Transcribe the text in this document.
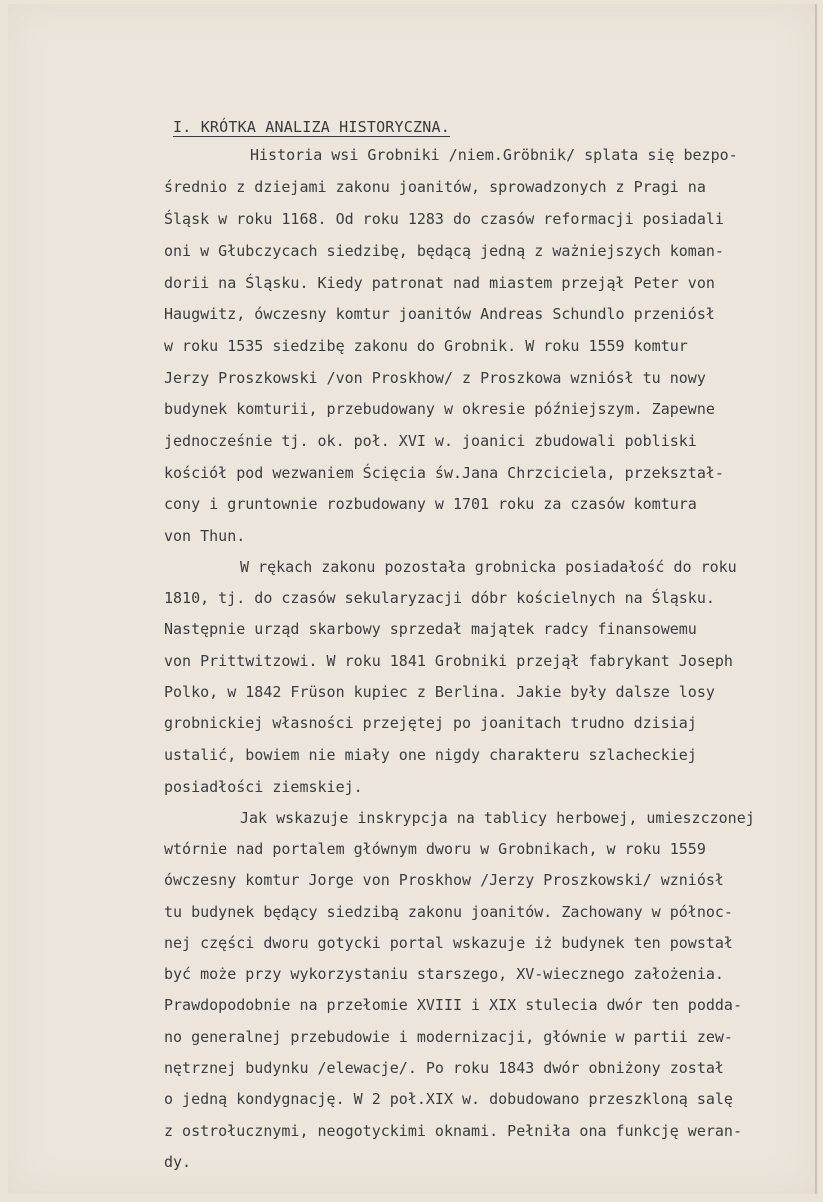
I. KRÓTKA ANALIZA HISTORYCZNA.
Historia wsi Grobniki /niem.Gröbnik/ splata się bezpo-
średnio z dziejami zakonu joanitów, sprowadzonych z Pragi na
Śląsk w roku 1168. Od roku 1283 do czasów reformacji posiadali
oni w Głubczycach siedzibę, będącą jedną z ważniejszych koman-
dorii na Śląsku. Kiedy patronat nad miastem przejął Peter von
Haugwitz, ówczesny komtur joanitów Andreas Schundlo przeniósł
w roku 1535 siedzibę zakonu do Grobnik. W roku 1559 komtur
Jerzy Proszkowski /von Proskhow/ z Proszkowa wzniósł tu nowy
budynek komturii, przebudowany w okresie późniejszym. Zapewne
jednocześnie tj. ok. poł. XVI w. joanici zbudowali pobliski
kościół pod wezwaniem Ścięcia św.Jana Chrzciciela, przekształ-
cony i gruntownie rozbudowany w 1701 roku za czasów komtura
von Thun.
W rękach zakonu pozostała grobnicka posiadałość do roku
1810, tj. do czasów sekularyzacji dóbr kościelnych na Śląsku.
Następnie urząd skarbowy sprzedał majątek radcy finansowemu
von Prittwitzowi. W roku 1841 Grobniki przejął fabrykant Joseph
Polko, w 1842 Früson kupiec z Berlina. Jakie były dalsze losy
grobnickiej własności przejętej po joanitach trudno dzisiaj
ustalić, bowiem nie miały one nigdy charakteru szlacheckiej
posiadłości ziemskiej.
Jak wskazuje inskrypcja na tablicy herbowej, umieszczonej
wtórnie nad portalem głównym dworu w Grobnikach, w roku 1559
ówczesny komtur Jorge von Proskhow /Jerzy Proszkowski/ wzniósł
tu budynek będący siedzibą zakonu joanitów. Zachowany w północ-
nej części dworu gotycki portal wskazuje iż budynek ten powstał
być może przy wykorzystaniu starszego, XV-wiecznego założenia.
Prawdopodobnie na przełomie XVIII i XIX stulecia dwór ten podda-
no generalnej przebudowie i modernizacji, głównie w partii zew-
nętrznej budynku /elewacje/. Po roku 1843 dwór obniżony został
o jedną kondygnację. W 2 poł.XIX w. dobudowano przeszkloną salę
z ostrołucznymi, neogotyckimi oknami. Pełniła ona funkcję weran-
dy.
